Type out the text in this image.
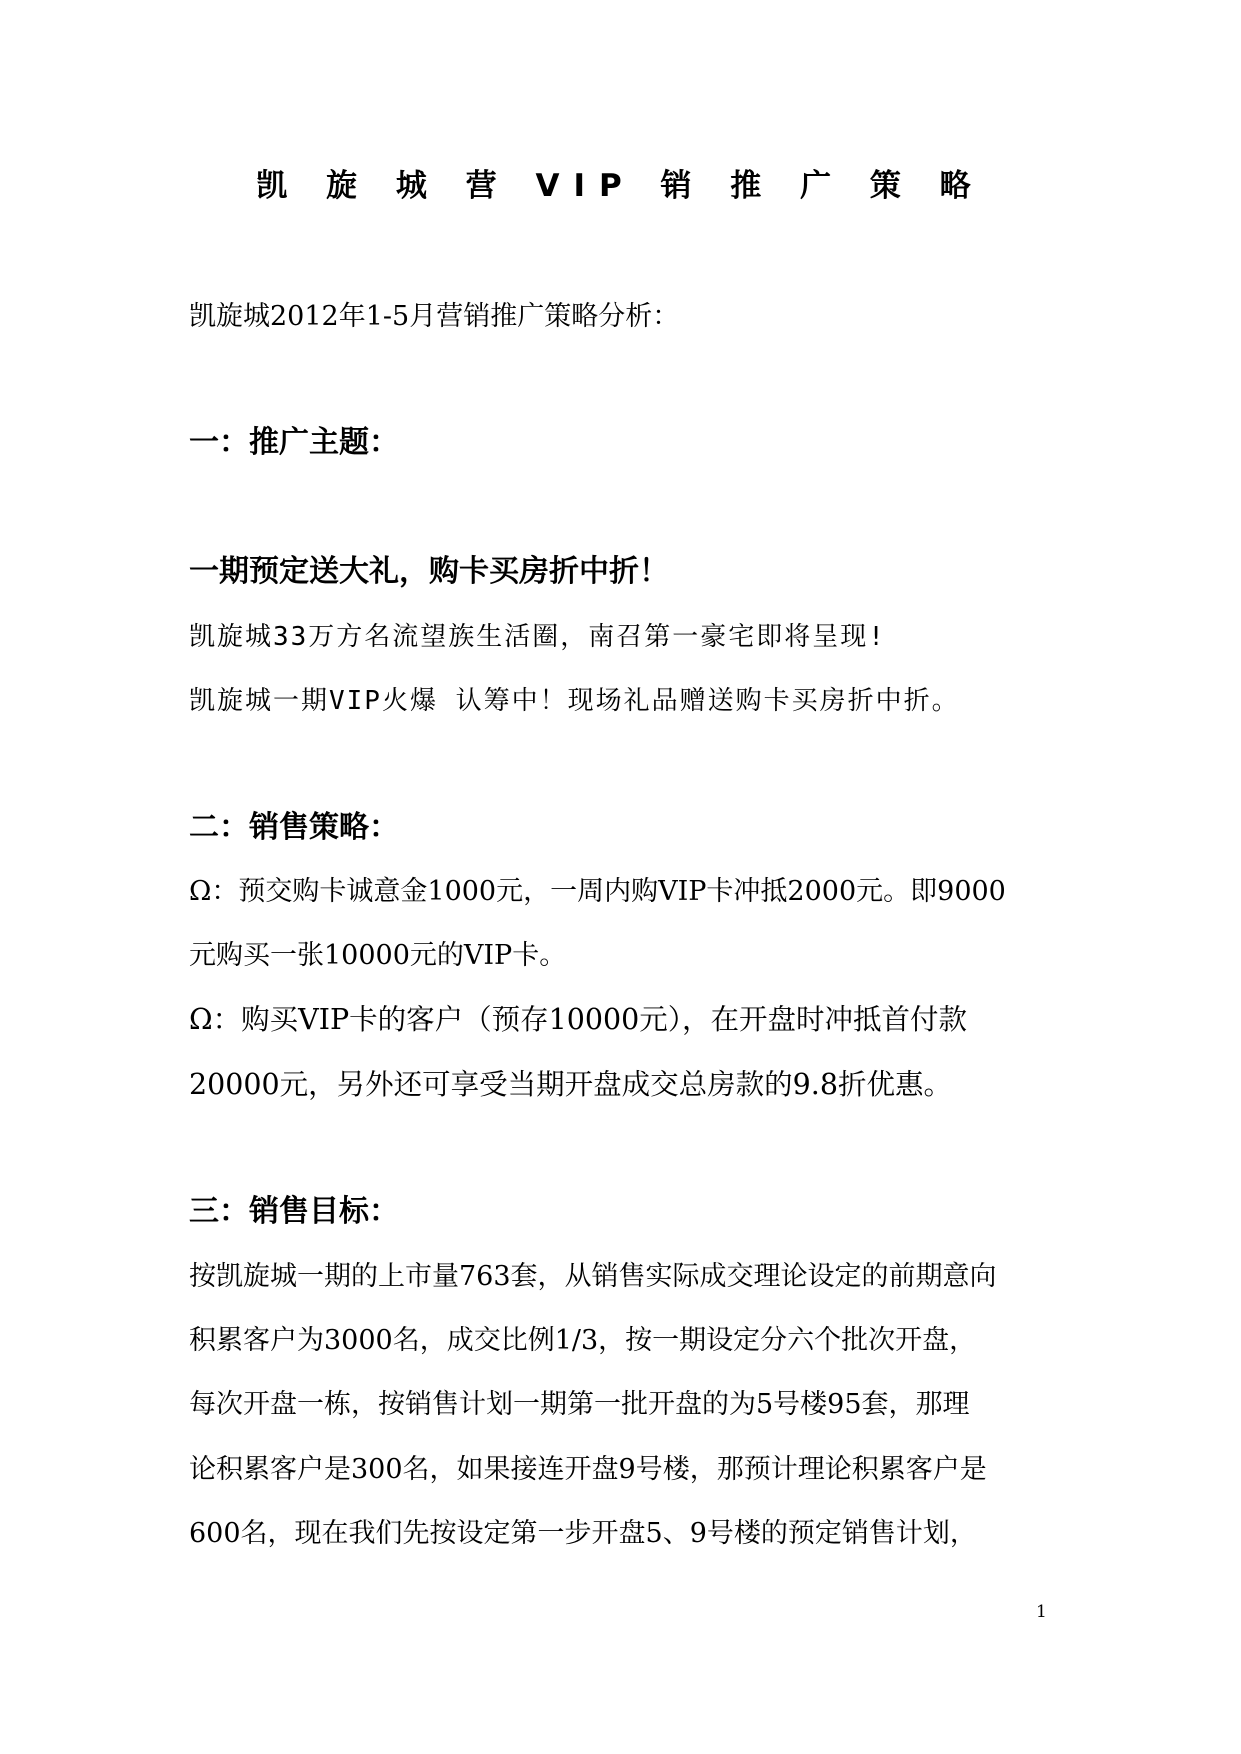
凯 旋 城 营 VIP 销 推 广 策 略
凯旋城2012年1-5月营销推广策略分析：
一：推广主题：
一期预定送大礼，购卡买房折中折！
凯旋城33万方名流望族生活圈，南召第一豪宅即将呈现!
凯旋城一期VIP火爆 认筹中！现场礼品赠送购卡买房折中折。
二：销售策略：
Ω：预交购卡诚意金1000元，一周内购VIP卡冲抵2000元。即9000
元购买一张10000元的VIP卡。
Ω：购买VIP卡的客户（预存10000元），在开盘时冲抵首付款
20000元，另外还可享受当期开盘成交总房款的9.8折优惠。
三：销售目标：
按凯旋城一期的上市量763套，从销售实际成交理论设定的前期意向
积累客户为3000名，成交比例1/3，按一期设定分六个批次开盘，
每次开盘一栋，按销售计划一期第一批开盘的为5号楼95套，那理
论积累客户是300名，如果接连开盘9号楼，那预计理论积累客户是
600名，现在我们先按设定第一步开盘5、9号楼的预定销售计划，
1
